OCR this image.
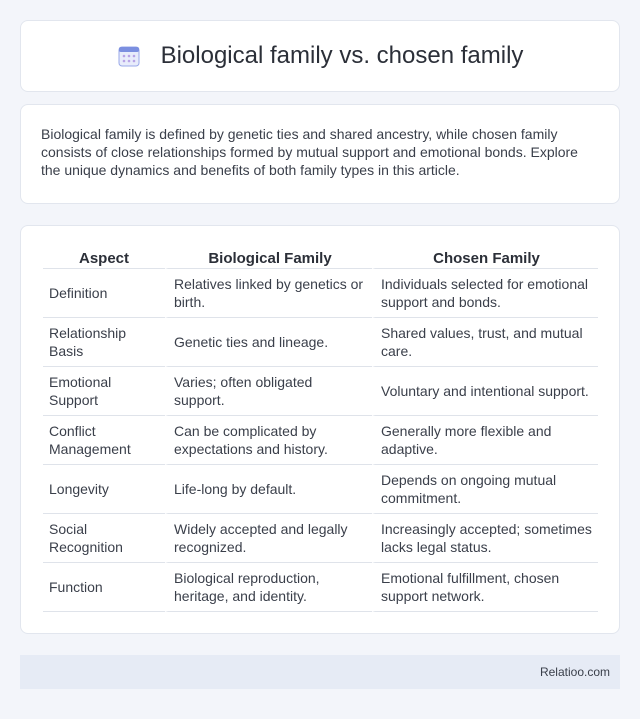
Biological family vs. chosen family

Biological family is defined by genetic ties and shared ancestry, while chosen family consists of close relationships formed by mutual support and emotional bonds. Explore the unique dynamics and benefits of both family types in this article.

Aspect	Biological Family	Chosen Family
Definition	Relatives linked by genetics or birth.	Individuals selected for emotional support and bonds.
Relationship Basis	Genetic ties and lineage.	Shared values, trust, and mutual care.
Emotional Support	Varies; often obligated support.	Voluntary and intentional support.
Conflict Management	Can be complicated by expectations and history.	Generally more flexible and adaptive.
Longevity	Life-long by default.	Depends on ongoing mutual commitment.
Social Recognition	Widely accepted and legally recognized.	Increasingly accepted; sometimes lacks legal status.
Function	Biological reproduction, heritage, and identity.	Emotional fulfillment, chosen support network.
Relatioo.com
